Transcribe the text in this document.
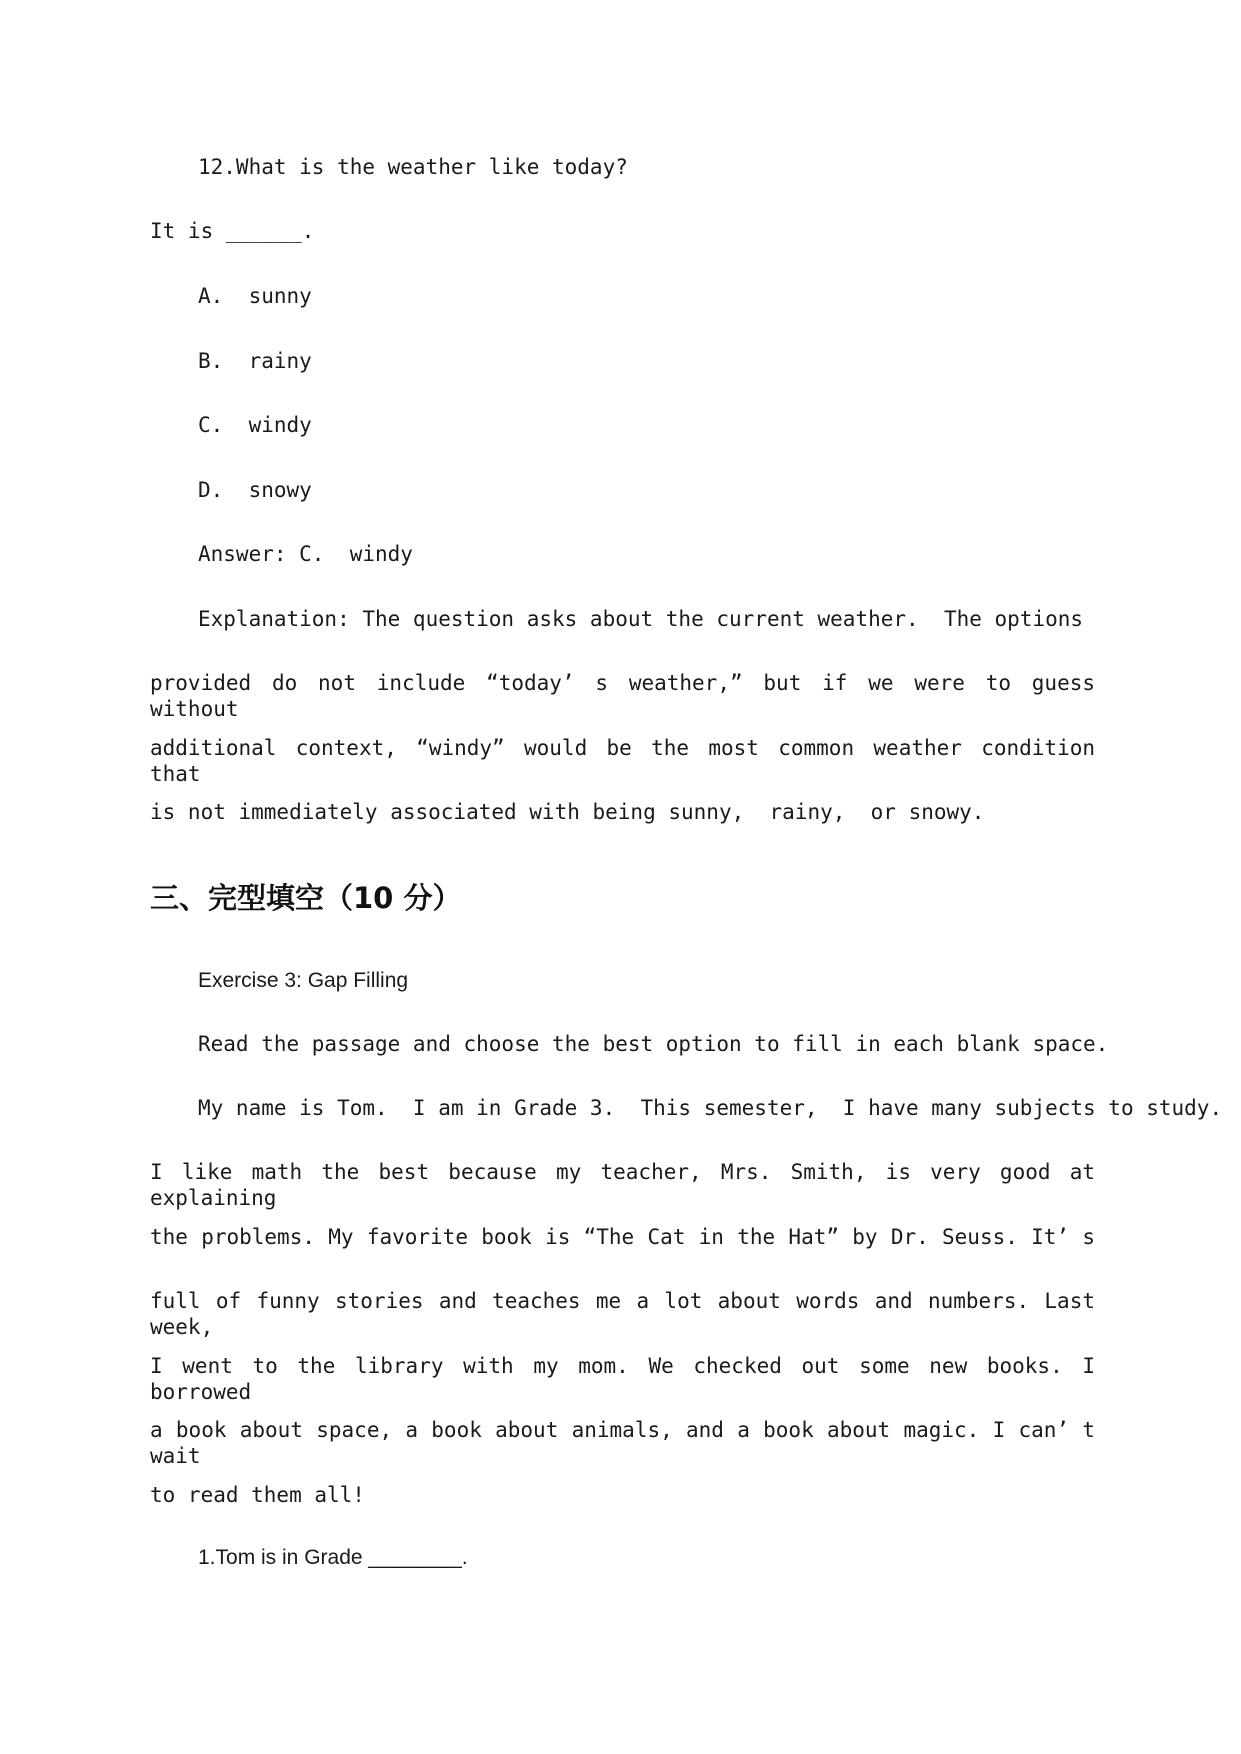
12.What is the weather like today?
It is ______.
A.  sunny
B.  rainy
C.  windy
D.  snowy
Answer: C.  windy
Explanation: The question asks about the current weather.  The options
provided do not include “today’ s weather,” but if we were to guess without
additional context, “windy” would be the most common weather condition that
is not immediately associated with being sunny,  rainy,  or snowy.
三、完型填空（10 分）
Exercise 3: Gap Filling
Read the passage and choose the best option to fill in each blank space.
My name is Tom.  I am in Grade 3.  This semester,  I have many subjects to study.
I like math the best because my teacher, Mrs. Smith, is very good at explaining
the problems. My favorite book is “The Cat in the Hat” by Dr. Seuss. It’ s
full of funny stories and teaches me a lot about words and numbers. Last week,
I went to the library with my mom. We checked out some new books. I borrowed
a book about space, a book about animals, and a book about magic. I can’ t wait
to read them all!
1.Tom is in Grade ________.
